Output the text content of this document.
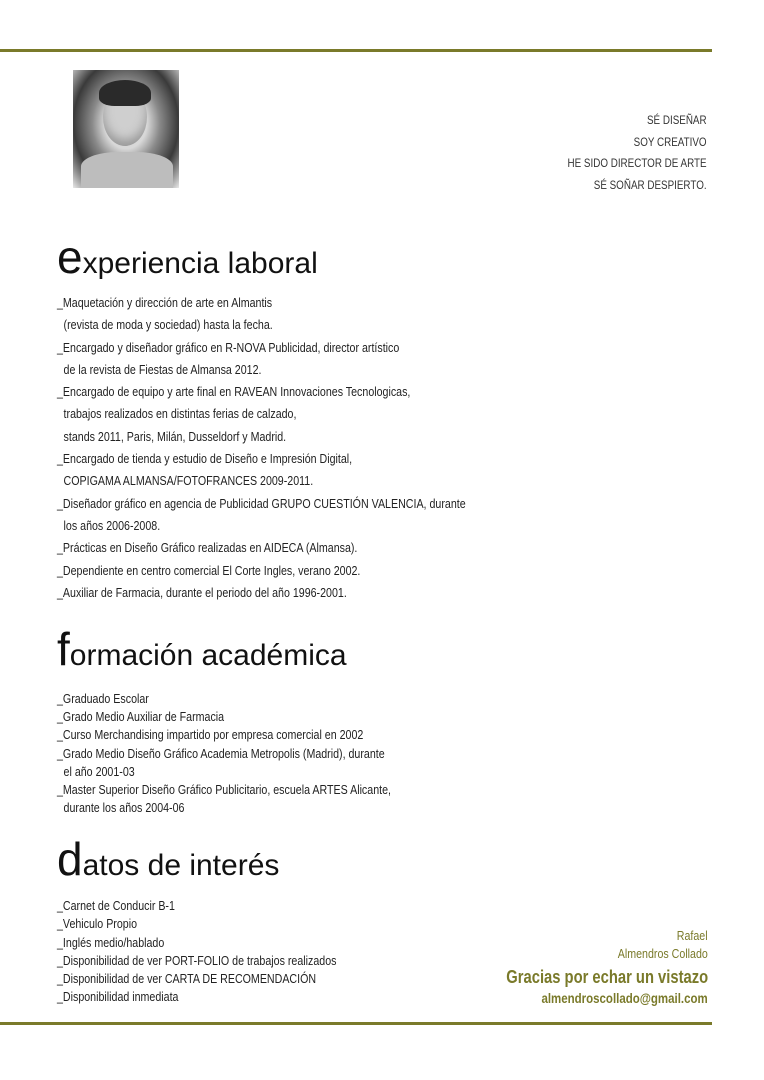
SÉ DISEÑAR
SOY CREATIVO
HE SIDO DIRECTOR DE ARTE
SÉ SOÑAR DESPIERTO.
experiencia laboral
_Maquetación y dirección de arte en Almantis
(revista de moda y sociedad) hasta la fecha.
_Encargado y diseñador gráfico en R-NOVA Publicidad, director artístico
de la revista de Fiestas de Almansa 2012.
_Encargado de equipo y arte final en RAVEAN Innovaciones Tecnologicas,
trabajos realizados en distintas ferias de calzado,
stands 2011, Paris, Milán, Dusseldorf y Madrid.
_Encargado de tienda y estudio de Diseño e Impresión Digital,
COPIGAMA ALMANSA/FOTOFRANCES 2009-2011.
_Diseñador gráfico en agencia de Publicidad GRUPO CUESTIÓN VALENCIA, durante
los años 2006-2008.
_Prácticas en Diseño Gráfico realizadas en AIDECA (Almansa).
_Dependiente en centro comercial El Corte Ingles, verano 2002.
_Auxiliar de Farmacia, durante el periodo del año 1996-2001.
formación académica
_Graduado Escolar
_Grado Medio Auxiliar de Farmacia
_Curso Merchandising impartido por empresa comercial en 2002
_Grado Medio Diseño Gráfico Academia Metropolis (Madrid), durante
el año 2001-03
_Master Superior Diseño Gráfico Publicitario, escuela ARTES Alicante,
durante los años 2004-06
datos de interés
_Carnet de Conducir B-1
_Vehiculo Propio
_Inglés medio/hablado
_Disponibilidad de ver PORT-FOLIO de trabajos realizados
_Disponibilidad de ver CARTA DE RECOMENDACIÓN
_Disponibilidad inmediata
Rafael
Almendros Collado
Gracias por echar un vistazo
almendroscollado@gmail.com
